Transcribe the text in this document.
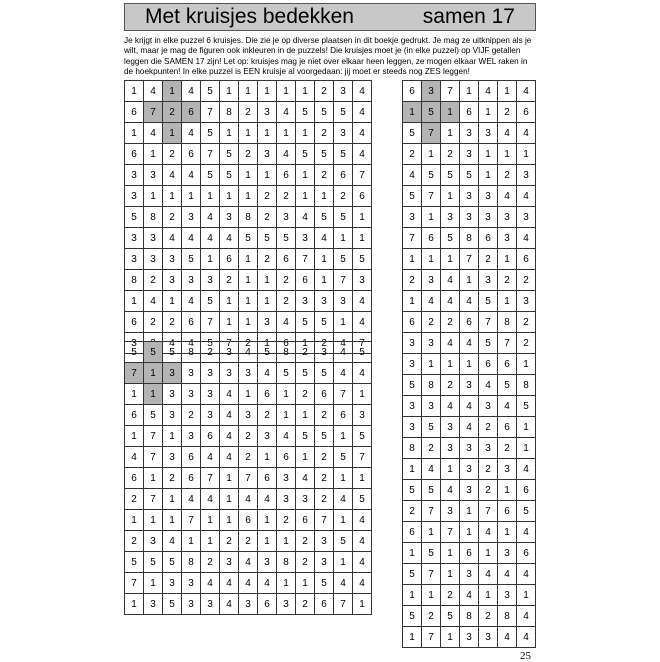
Met kruisjes bedekken	samen 17
Je krijgt in elke puzzel 6 kruisjes. Die zie je op diverse plaatsen in dit boekje gedrukt. Je mag ze uitknippen als je wilt, maar je mag de figuren ook inkleuren in de puzzels! Die kruisjes moet je (in elke puzzel) op VIJF getallen leggen die SAMEN 17 zijn! Let op: kruisjes mag je niet over elkaar heen leggen, ze mogen elkaar WEL raken in de hoekpunten! In elke puzzel is EEN kruisje al voorgedaan: jij moet er steeds nog ZES leggen!
1	4	1	4	5	1	1	1	1	1	2	3	4
6	7	2	6	7	8	2	3	4	5	5	5	4
1	4	1	4	5	1	1	1	1	1	2	3	4
6	1	2	6	7	5	2	3	4	5	5	5	4
3	3	4	4	5	5	1	1	6	1	2	6	7
3	1	1	1	1	1	1	2	2	1	1	2	6
5	8	2	3	4	3	8	2	3	4	5	5	1
3	3	4	4	4	4	5	5	5	3	4	1	1
3	3	3	5	1	6	1	2	6	7	1	5	5
8	2	3	3	3	2	1	1	2	6	1	7	3
1	4	1	4	5	1	1	1	2	3	3	3	4
6	2	2	6	7	1	1	3	4	5	5	1	4
3		4	4	5	7	2	1	6	1	2	4	7
5	5	5	8	2	3	4	5	8	2	3	4	5
7	1	3	3	3	3	3	4	5	5	5	4	4
1	1	3	3	3	4	1	6	1	2	6	7	1
6	5	3	2	3	4	3	2	1	1	2	6	3
1	7	1	3	6	4	2	3	4	5	5	1	5
4	7	3	6	4	4	2	1	6	1	2	5	7
6	1	2	6	7	1	7	6	3	4	2	1	1
2	7	1	4	4	1	4	4	3	3	2	4	5
1	1	1	7	1	1	6	1	2	6	7	1	4
2	3	4	1	1	2	2	1	1	2	3	5	4
5	5	5	8	2	3	4	3	8	2	3	1	4
7	1	3	3	4	4	4	4	1	1	5	4	4
1	3	5	3	3	4	3	6	3	2	6	7	1
6	3	7	1	4	1	4
1	5	1	6	1	2	6
5	7	1	3	3	4	4
2	1	2	3	1	1	1
4	5	5	5	1	2	3
5	7	1	3	3	4	4
3	1	3	3	3	3	3
7	6	5	8	6	3	4
1	1	1	7	2	1	6
2	3	4	1	3	2	2
1	4	4	4	5	1	3
6	2	2	6	7	8	2
3	3	4	4	5	7	2
3	1	1	1	6	6	1
5	8	2	3	4	5	8
3	3	4	4	3	4	5
3	5	3	4	2	6	1
8	2	3	3	3	2	1
1	4	1	3	2	3	4
5	5	4	3	2	1	6
2	7	3	1	7	6	5
6	1	7	1	4	1	4
1	5	1	6	1	3	6
5	7	1	3	4	4	4
1	1	2	4	1	3	1
5	2	5	8	2	8	4
1	7	1	3	3	4	4
25
